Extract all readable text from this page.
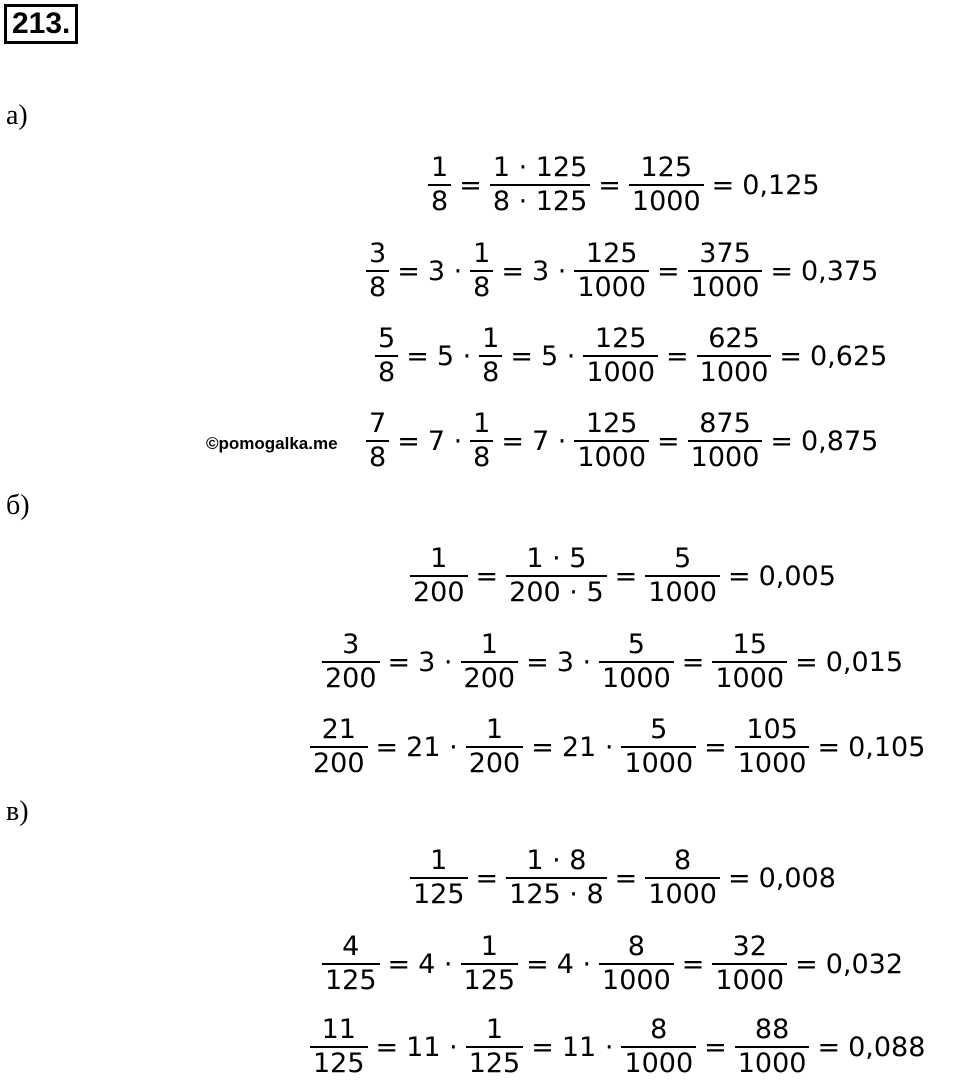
213.
а)
$\frac{1}{8} = \frac{1 \cdot 125}{8 \cdot 125} = \frac{125}{1000} = 0,125$
$\frac{3}{8} = 3 \cdot \frac{1}{8} = 3 \cdot \frac{125}{1000} = \frac{375}{1000} = 0,375$
$\frac{5}{8} = 5 \cdot \frac{1}{8} = 5 \cdot \frac{125}{1000} = \frac{625}{1000} = 0,625$
$\frac{7}{8} = 7 \cdot \frac{1}{8} = 7 \cdot \frac{125}{1000} = \frac{875}{1000} = 0,875$
©pomogalka.me
б)
$\frac{1}{200} = \frac{1 \cdot 5}{200 \cdot 5} = \frac{5}{1000} = 0,005$
$\frac{3}{200} = 3 \cdot \frac{1}{200} = 3 \cdot \frac{5}{1000} = \frac{15}{1000} = 0,015$
$\frac{21}{200} = 21 \cdot \frac{1}{200} = 21 \cdot \frac{5}{1000} = \frac{105}{1000} = 0,105$
в)
$\frac{1}{125} = \frac{1 \cdot 8}{125 \cdot 8} = \frac{8}{1000} = 0,008$
$\frac{4}{125} = 4 \cdot \frac{1}{125} = 4 \cdot \frac{8}{1000} = \frac{32}{1000} = 0,032$
$\frac{11}{125} = 11 \cdot \frac{1}{125} = 11 \cdot \frac{8}{1000} = \frac{88}{1000} = 0,088$
